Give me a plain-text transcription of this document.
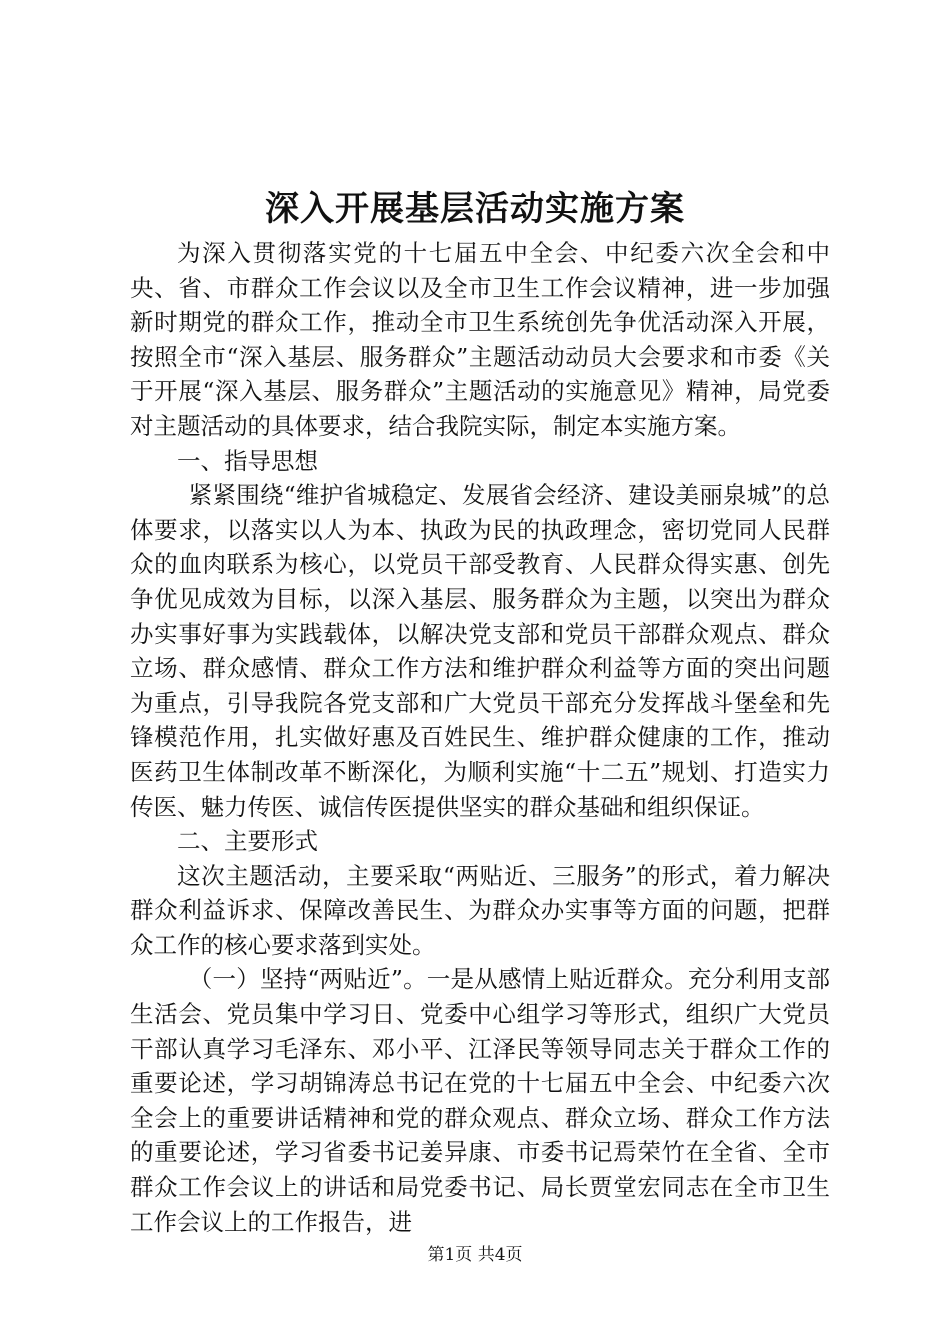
深入开展基层活动实施方案

为深入贯彻落实党的十七届五中全会、中纪委六次全会和中央、省、市群众工作会议以及全市卫生工作会议精神，进一步加强新时期党的群众工作，推动全市卫生系统创先争优活动深入开展，按照全市“深入基层、服务群众”主题活动动员大会要求和市委《关于开展“深入基层、服务群众”主题活动的实施意见》精神，局党委对主题活动的具体要求，结合我院实际，制定本实施方案。

一、指导思想

紧紧围绕“维护省城稳定、发展省会经济、建设美丽泉城”的总体要求，以落实以人为本、执政为民的执政理念，密切党同人民群众的血肉联系为核心，以党员干部受教育、人民群众得实惠、创先争优见成效为目标，以深入基层、服务群众为主题，以突出为群众办实事好事为实践载体，以解决党支部和党员干部群众观点、群众立场、群众感情、群众工作方法和维护群众利益等方面的突出问题为重点，引导我院各党支部和广大党员干部充分发挥战斗堡垒和先锋模范作用，扎实做好惠及百姓民生、维护群众健康的工作，推动医药卫生体制改革不断深化，为顺利实施“十二五”规划、打造实力传医、魅力传医、诚信传医提供坚实的群众基础和组织保证。

二、主要形式

这次主题活动，主要采取“两贴近、三服务”的形式，着力解决群众利益诉求、保障改善民生、为群众办实事等方面的问题，把群众工作的核心要求落到实处。

（一）坚持“两贴近”。一是从感情上贴近群众。充分利用支部生活会、党员集中学习日、党委中心组学习等形式，组织广大党员干部认真学习毛泽东、邓小平、江泽民等领导同志关于群众工作的重要论述，学习胡锦涛总书记在党的十七届五中全会、中纪委六次全会上的重要讲话精神和党的群众观点、群众立场、群众工作方法的重要论述，学习省委书记姜异康、市委书记焉荣竹在全省、全市群众工作会议上的讲话和局党委书记、局长贾堂宏同志在全市卫生工作会议上的工作报告，进

第1页 共4页
